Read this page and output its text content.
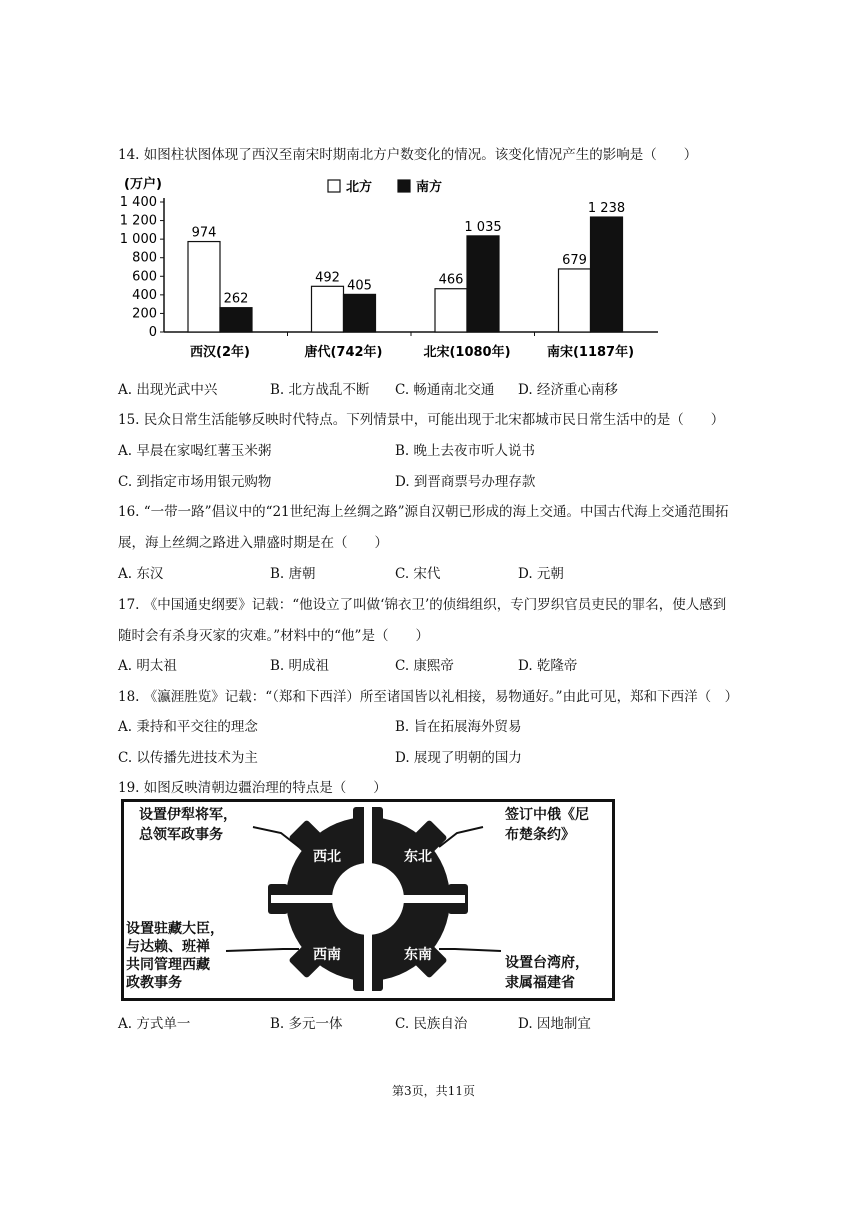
14. 如图柱状图体现了西汉至南宋时期南北方户数变化的情况。该变化情况产生的影响是（　　）
(万户)
0
200
400
600
800
1 000
1 200
1 400
北方	南方
974
262
西汉(2年)
492
405
唐代(742年)
466
1 035
北宋(1080年)
679
1 238
南宋(1187年)
A. 出现光武中兴	B. 北方战乱不断 C. 畅通南北交通 D. 经济重心南移
15. 民众日常生活能够反映时代特点。下列情景中，可能出现于北宋都城市民日常生活中的是（　　）
A. 早晨在家喝红薯玉米粥	B. 晚上去夜市听人说书
C. 到指定市场用银元购物	D. 到晋商票号办理存款
16. “一带一路”倡议中的“21世纪海上丝绸之路”源自汉朝已形成的海上交通。中国古代海上交通范围拓
展，海上丝绸之路进入鼎盛时期是在（　　）
A. 东汉	B. 唐朝	C. 宋代	D. 元朝
17. 《中国通史纲要》记载：“他设立了叫做‘锦衣卫’的侦缉组织，专门罗织官员吏民的罪名，使人感到
随时会有杀身灭家的灾难。”材料中的“他”是（　　）
A. 明太祖	B. 明成祖	C. 康熙帝	D. 乾隆帝
18. 《瀛涯胜览》记载：“（郑和下西洋）所至诸国皆以礼相接，易物通好。”由此可见，郑和下西洋（　）
A. 秉持和平交往的理念	B. 旨在拓展海外贸易
C. 以传播先进技术为主	D. 展现了明朝的国力
19. 如图反映清朝边疆治理的特点是（　　）
西北	东北
西南	东南
设置伊犁将军，
总领军政事务
签订中俄《尼
布楚条约》
设置驻藏大臣，
与达赖、班禅
共同管理西藏
政教事务
设置台湾府，
隶属福建省
A. 方式单一	B. 多元一体	C. 民族自治	D. 因地制宜
第3页，共11页
